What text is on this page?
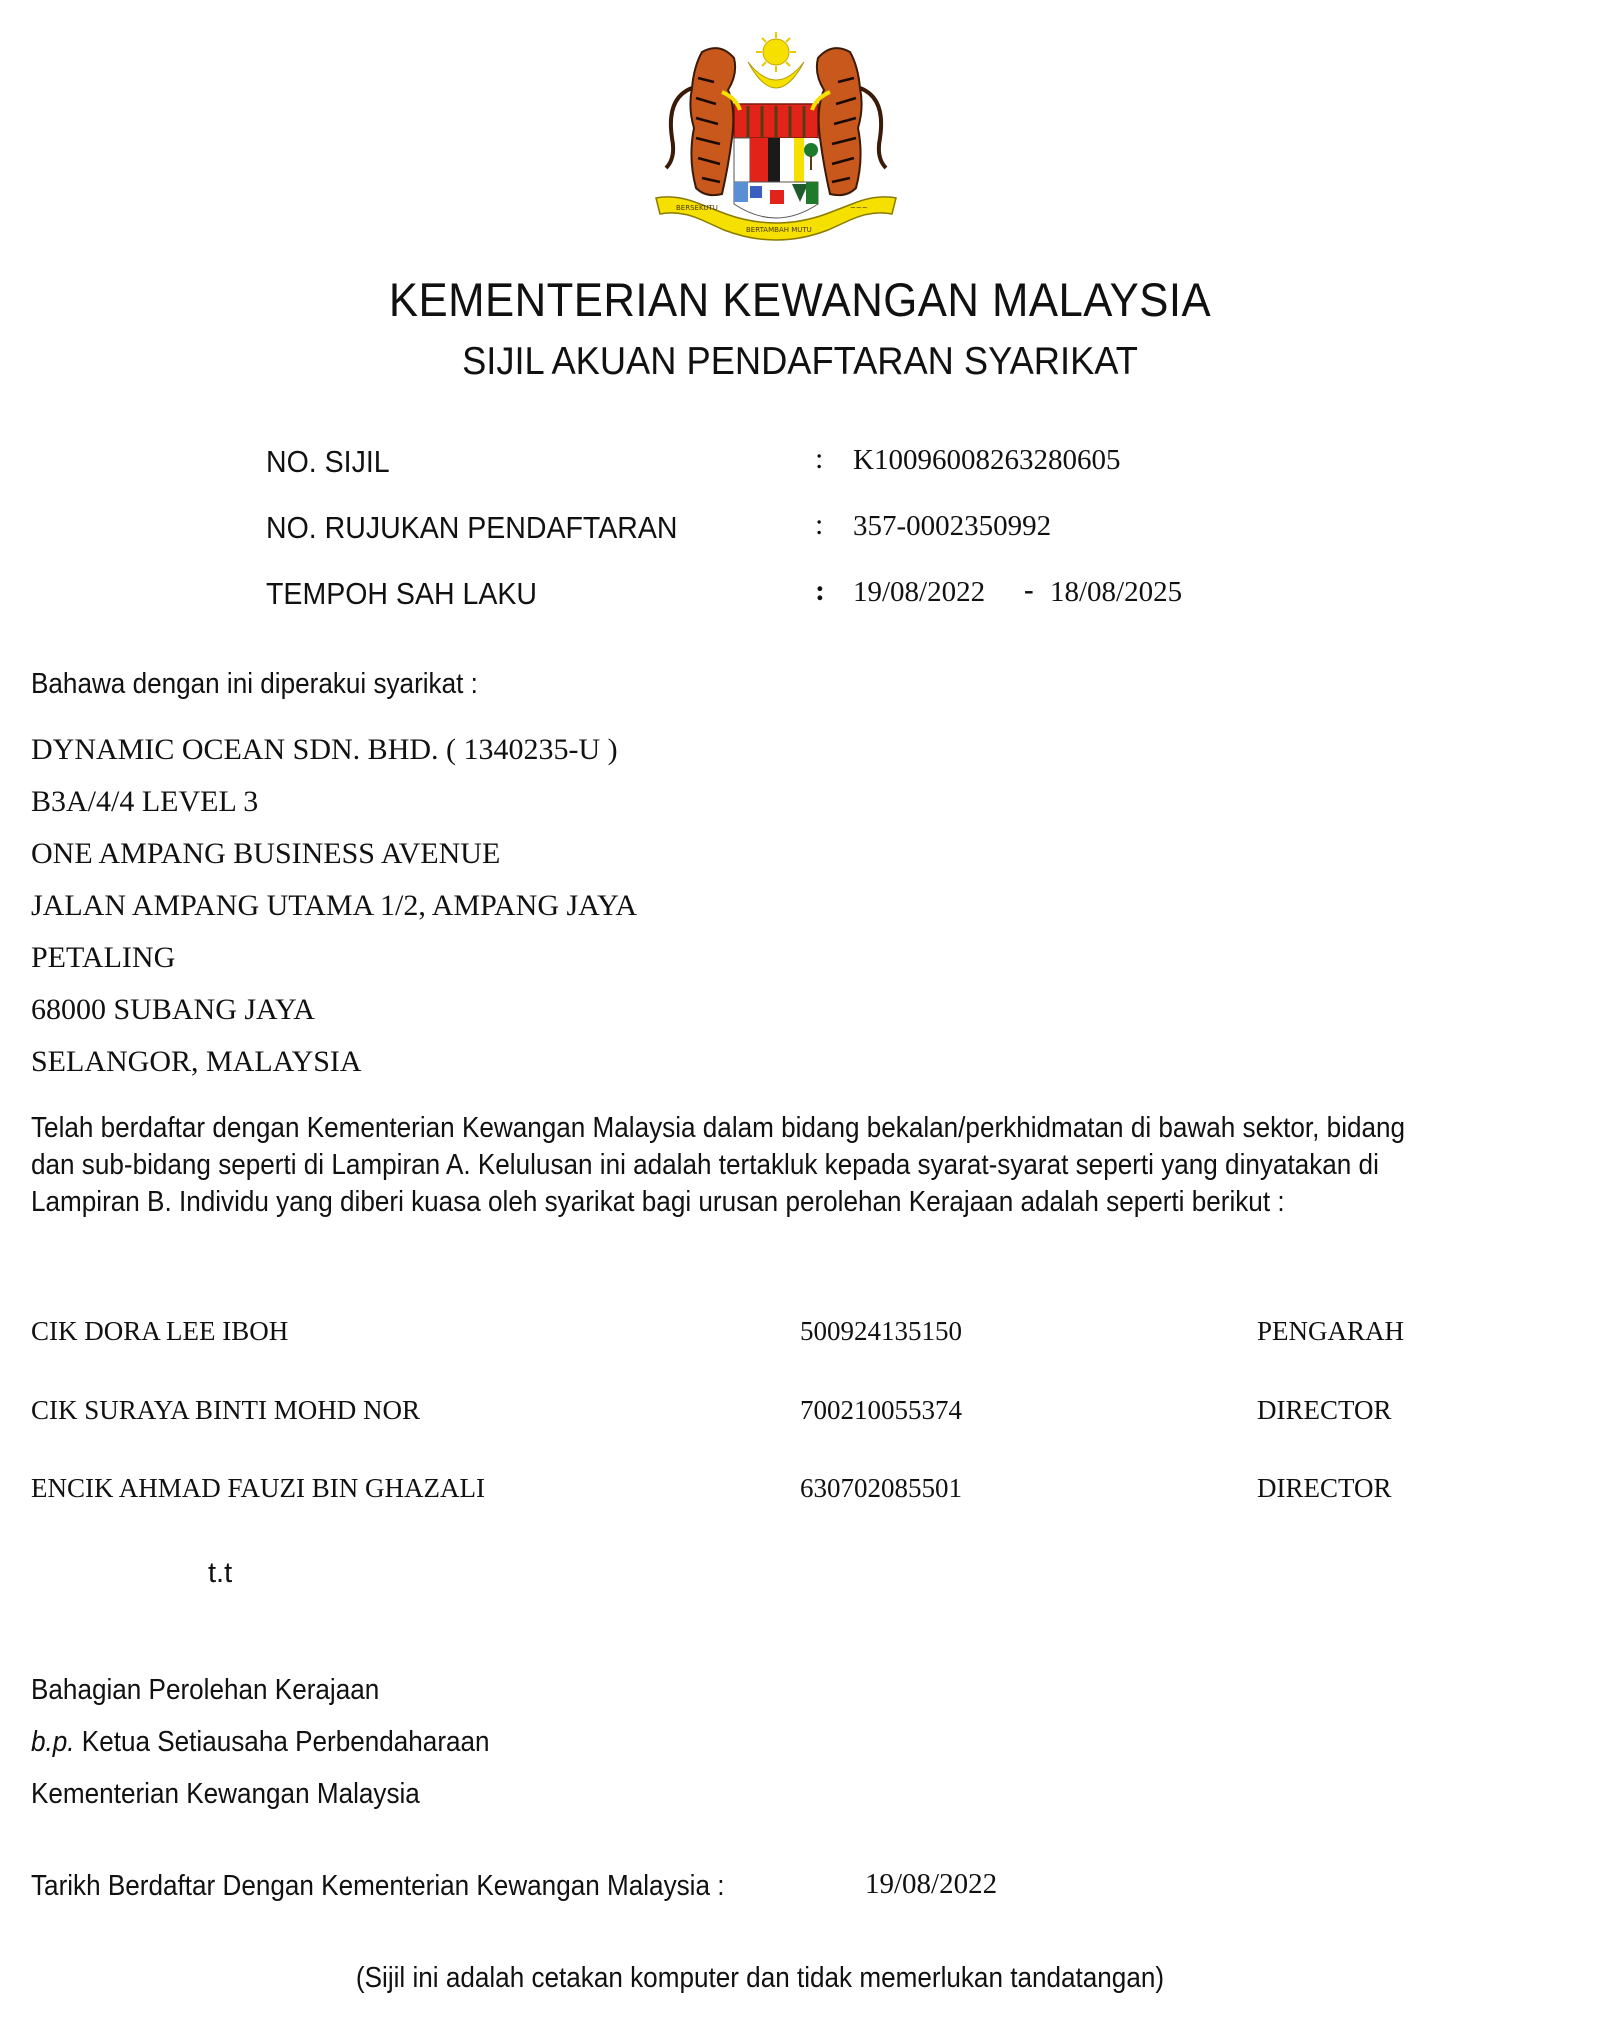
BERSEKUTU
BERTAMBAH MUTU
~~~
KEMENTERIAN KEWANGAN MALAYSIA
SIJIL AKUAN PENDAFTARAN SYARIKAT
NO. SIJIL	: K10096008263280605
NO. RUJUKAN PENDAFTARAN	: 357-0002350992
TEMPOH SAH LAKU	: 19/08/2022 - 18/08/2025
Bahawa dengan ini diperakui syarikat :
DYNAMIC OCEAN SDN. BHD. ( 1340235-U )
B3A/4/4 LEVEL 3
ONE AMPANG BUSINESS AVENUE
JALAN AMPANG UTAMA 1/2, AMPANG JAYA
PETALING
68000 SUBANG JAYA
SELANGOR, MALAYSIA
Telah berdaftar dengan Kementerian Kewangan Malaysia dalam bidang bekalan/perkhidmatan di bawah sektor, bidang
dan sub-bidang seperti di Lampiran A. Kelulusan ini adalah tertakluk kepada syarat-syarat seperti yang dinyatakan di
Lampiran B. Individu yang diberi kuasa oleh syarikat bagi urusan perolehan Kerajaan adalah seperti berikut :
CIK DORA LEE IBOH	500924135150	PENGARAH
CIK SURAYA BINTI MOHD NOR	700210055374	DIRECTOR
ENCIK AHMAD FAUZI BIN GHAZALI	630702085501	DIRECTOR
t.t
Bahagian Perolehan Kerajaan
b.p. Ketua Setiausaha Perbendaharaan
Kementerian Kewangan Malaysia
Tarikh Berdaftar Dengan Kementerian Kewangan Malaysia :	19/08/2022
(Sijil ini adalah cetakan komputer dan tidak memerlukan tandatangan)
